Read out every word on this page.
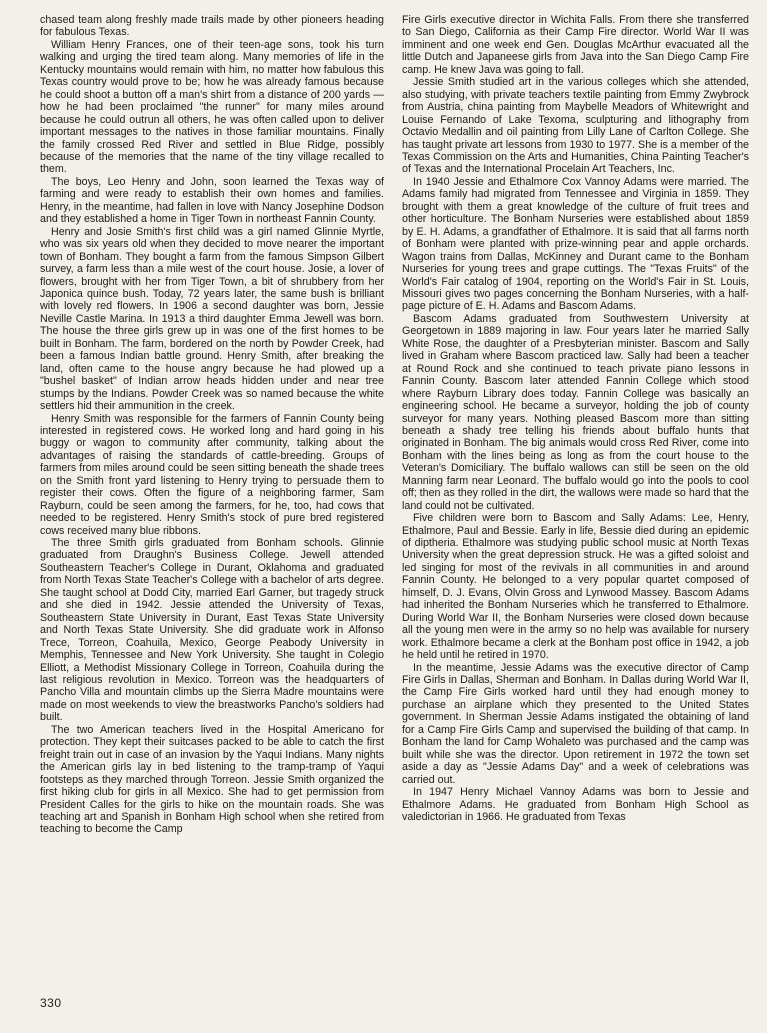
chased team along freshly made trails made by other pioneers heading for fabulous Texas.

William Henry Frances, one of their teen-age sons, took his turn walking and urging the tired team along. Many memories of life in the Kentucky mountains would remain with him, no matter how fabulous this Texas country would prove to be; how he was already famous because he could shoot a button off a man's shirt from a distance of 200 yards — how he had been proclaimed "the runner" for many miles around because he could outrun all others, he was often called upon to deliver important messages to the natives in those familiar mountains. Finally the family crossed Red River and settled in Blue Ridge, possibly because of the memories that the name of the tiny village recalled to them.

The boys, Leo Henry and John, soon learned the Texas way of farming and were ready to establish their own homes and families. Henry, in the meantime, had fallen in love with Nancy Josephine Dodson and they established a home in Tiger Town in northeast Fannin County.

Henry and Josie Smith's first child was a girl named Glinnie Myrtle, who was six years old when they decided to move nearer the important town of Bonham. They bought a farm from the famous Simpson Gilbert survey, a farm less than a mile west of the court house. Josie, a lover of flowers, brought with her from Tiger Town, a bit of shrubbery from her Japonica quince bush. Today, 72 years later, the same bush is brilliant with lovely red flowers. In 1906 a second daughter was born, Jessie Neville Castle Marina. In 1913 a third daughter Emma Jewell was born. The house the three girls grew up in was one of the first homes to be built in Bonham. The farm, bordered on the north by Powder Creek, had been a famous Indian battle ground. Henry Smith, after breaking the land, often came to the house angry because he had plowed up a "bushel basket" of Indian arrow heads hidden under and near tree stumps by the Indians. Powder Creek was so named because the white settlers hid their ammunition in the creek.

Henry Smith was responsible for the farmers of Fannin County being interested in registered cows. He worked long and hard going in his buggy or wagon to community after community, talking about the advantages of raising the standards of cattle-breeding. Groups of farmers from miles around could be seen sitting beneath the shade trees on the Smith front yard listening to Henry trying to persuade them to register their cows. Often the figure of a neighboring farmer, Sam Rayburn, could be seen among the farmers, for he, too, had cows that needed to be registered. Henry Smith's stock of pure bred registered cows received many blue ribbons.

The three Smith girls graduated from Bonham schools. Glinnie graduated from Draughn's Business College. Jewell attended Southeastern Teacher's College in Durant, Oklahoma and graduated from North Texas State Teacher's College with a bachelor of arts degree. She taught school at Dodd City, married Earl Garner, but tragedy struck and she died in 1942. Jessie attended the University of Texas, Southeastern State University in Durant, East Texas State University and North Texas State University. She did graduate work in Alfonso Trece, Torreon, Coahuila, Mexico, George Peabody University in Memphis, Tennessee and New York University. She taught in Colegio Elliott, a Methodist Missionary College in Torreon, Coahuila during the last religious revolution in Mexico. Torreon was the headquarters of Pancho Villa and mountain climbs up the Sierra Madre mountains were made on most weekends to view the breastworks Pancho's soldiers had built.

The two American teachers lived in the Hospital Americano for protection. They kept their suitcases packed to be able to catch the first freight train out in case of an invasion by the Yaqui Indians. Many nights the American girls lay in bed listening to the tramp-tramp of Yaqui footsteps as they marched through Torreon. Jessie Smith organized the first hiking club for girls in all Mexico. She had to get permission from President Calles for the girls to hike on the mountain roads. She was teaching art and Spanish in Bonham High school when she retired from teaching to become the Camp

Fire Girls executive director in Wichita Falls. From there she transferred to San Diego, California as their Camp Fire director. World War II was imminent and one week end Gen. Douglas McArthur evacuated all the little Dutch and Japaneese girls from Java into the San Diego Camp Fire camp. He knew Java was going to fall.

Jessie Smith studied art in the various colleges which she attended, also studying, with private teachers textile painting from Emmy Zwybrock from Austria, china painting from Maybelle Meadors of Whitewright and Louise Fernando of Lake Texoma, sculpturing and lithography from Octavio Medallin and oil painting from Lilly Lane of Carlton College. She has taught private art lessons from 1930 to 1977. She is a member of the Texas Commission on the Arts and Humanities, China Painting Teacher's of Texas and the International Procelain Art Teachers, Inc.

In 1940 Jessie and Ethalmore Cox Vannoy Adams were married. The Adams family had migrated from Tennessee and Virginia in 1859. They brought with them a great knowledge of the culture of fruit trees and other horticulture. The Bonham Nurseries were established about 1859 by E. H. Adams, a grandfather of Ethalmore. It is said that all farms north of Bonham were planted with prize-winning pear and apple orchards. Wagon trains from Dallas, McKinney and Durant came to the Bonham Nurseries for young trees and grape cuttings. The "Texas Fruits" of the World's Fair catalog of 1904, reporting on the World's Fair in St. Louis, Missouri gives two pages concerning the Bonham Nurseries, with a half-page picture of E. H. Adams and Bascom Adams.

Bascom Adams graduated from Southwestern University at Georgetown in 1889 majoring in law. Four years later he married Sally White Rose, the daughter of a Presbyterian minister. Bascom and Sally lived in Graham where Bascom practiced law. Sally had been a teacher at Round Rock and she continued to teach private piano lessons in Fannin County. Bascom later attended Fannin College which stood where Rayburn Library does today. Fannin College was basically an engineering school. He became a surveyor, holding the job of county surveyor for many years. Nothing pleased Bascom more than sitting beneath a shady tree telling his friends about buffalo hunts that originated in Bonham. The big animals would cross Red River, come into Bonham with the lines being as long as from the court house to the Veteran's Domiciliary. The buffalo wallows can still be seen on the old Manning farm near Leonard. The buffalo would go into the pools to cool off; then as they rolled in the dirt, the wallows were made so hard that the land could not be cultivated.

Five children were born to Bascom and Sally Adams: Lee, Henry, Ethalmore, Paul and Bessie. Early in life, Bessie died during an epidemic of diptheria. Ethalmore was studying public school music at North Texas University when the great depression struck. He was a gifted soloist and led singing for most of the revivals in all communities in and around Fannin County. He belonged to a very popular quartet composed of himself, D. J. Evans, Olvin Gross and Lynwood Massey. Bascom Adams had inherited the Bonham Nurseries which he transferred to Ethalmore. During World War II, the Bonham Nurseries were closed down because all the young men were in the army so no help was available for nursery work. Ethalmore became a clerk at the Bonham post office in 1942, a job he held until he retired in 1970.

In the meantime, Jessie Adams was the executive director of Camp Fire Girls in Dallas, Sherman and Bonham. In Dallas during World War II, the Camp Fire Girls worked hard until they had enough money to purchase an airplane which they presented to the United States government. In Sherman Jessie Adams instigated the obtaining of land for a Camp Fire Girls Camp and supervised the building of that camp. In Bonham the land for Camp Wohaleto was purchased and the camp was built while she was the director. Upon retirement in 1972 the town set aside a day as "Jessie Adams Day" and a week of celebrations was carried out.

In 1947 Henry Michael Vannoy Adams was born to Jessie and Ethalmore Adams. He graduated from Bonham High School as valedictorian in 1966. He graduated from Texas

330
